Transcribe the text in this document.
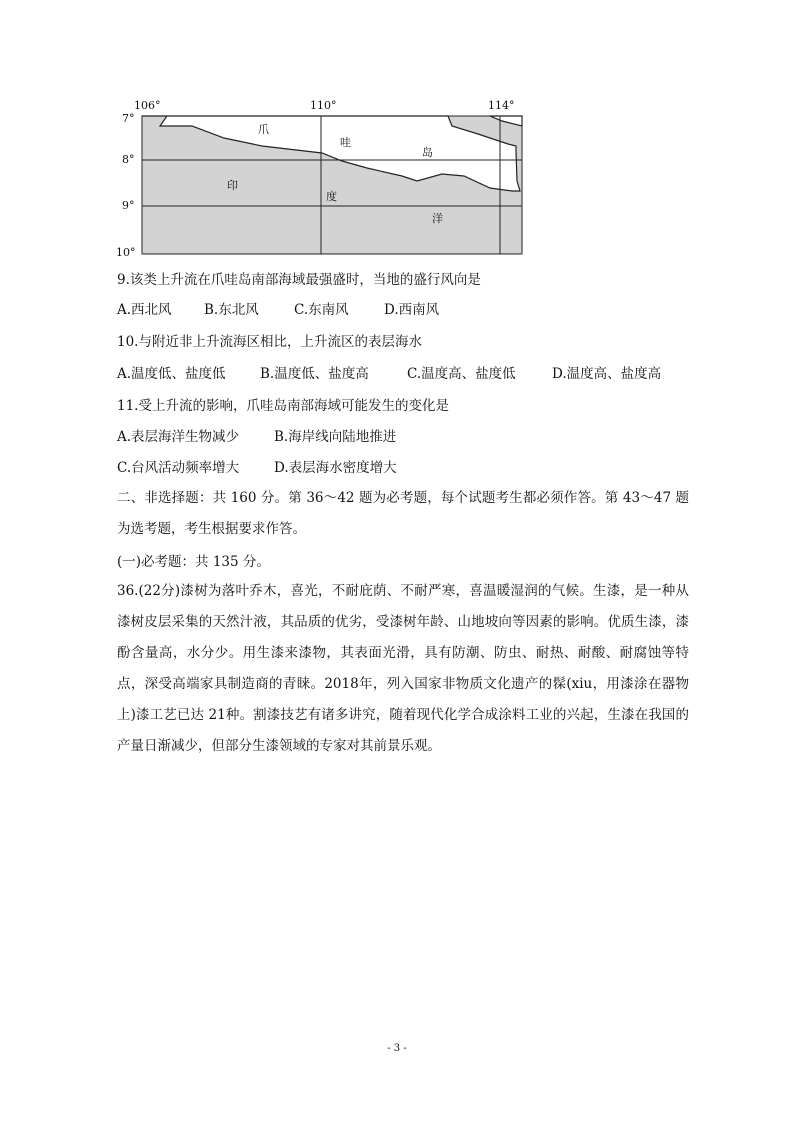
106°	110°	114°
7°
8°
9°
10°
爪
哇
岛
印
度
洋
9.该类上升流在爪哇岛南部海域最强盛时，当地的盛行风向是
A.西北风 B.东北风	C.东南风	D.西南风
10.与附近非上升流海区相比，上升流区的表层海水
A.温度低、盐度低	B.温度低、盐度高	C.温度高、盐度低	D.温度高、盐度高
11.受上升流的影响，爪哇岛南部海域可能发生的变化是
A.表层海洋生物减少	B.海岸线向陆地推进
C.台风活动频率增大	D.表层海水密度增大
二、非选择题：共 160 分。第 36～42 题为必考题，每个试题考生都必须作答。第 43～47 题为选考题，考生根据要求作答。
(一)必考题：共 135 分。
36.(22分)漆树为落叶乔木，喜光，不耐庇荫、不耐严寒，喜温暖湿润的气候。生漆，是一种从漆树皮层采集的天然汁液，其品质的优劣，受漆树年龄、山地坡向等因素的影响。优质生漆，漆酚含量高，水分少。用生漆来漆物，其表面光滑，具有防潮、防虫、耐热、耐酸、耐腐蚀等特点，深受高端家具制造商的青睐。2018年，列入国家非物质文化遗产的髹(xiu，用漆涂在器物上)漆工艺已达 21种。割漆技艺有诸多讲究，随着现代化学合成涂料工业的兴起，生漆在我国的产量日渐减少，但部分生漆领域的专家对其前景乐观。
- 3 -
